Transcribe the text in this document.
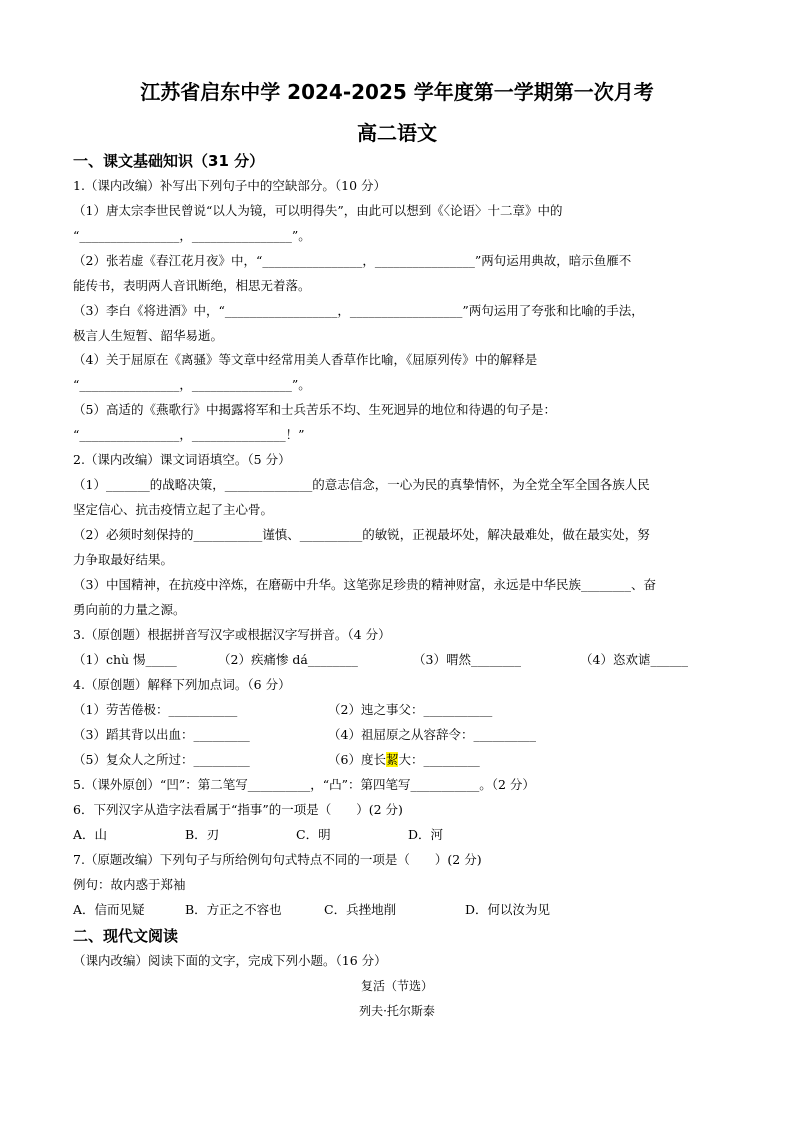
江苏省启东中学 2024-2025 学年度第一学期第一次月考
高二语文
一、课文基础知识（31 分）
1.（课内改编）补写出下列句子中的空缺部分。（10 分）
（1）唐太宗李世民曾说“以人为镜，可以明得失”，由此可以想到《〈论语〉十二章》中的
“________________，________________”。
（2）张若虚《春江花月夜》中，“________________，________________”两句运用典故，暗示鱼雁不
能传书，表明两人音讯断绝，相思无着落。
（3）李白《将进酒》中，“__________________，__________________”两句运用了夸张和比喻的手法，
极言人生短暂、韶华易逝。
（4）关于屈原在《离骚》等文章中经常用美人香草作比喻，《屈原列传》中的解释是
“________________，________________”。
（5）高适的《燕歌行》中揭露将军和士兵苦乐不均、生死迥异的地位和待遇的句子是：
“________________，_______________！”
2.（课内改编）课文词语填空。（5 分）
（1）_______的战略决策，______________的意志信念，一心为民的真挚情怀，为全党全军全国各族人民
坚定信心、抗击疫情立起了主心骨。
（2）必须时刻保持的___________谨慎、__________的敏锐，正视最坏处，解决最难处，做在最实处，努
力争取最好结果。
（3）中国精神，在抗疫中淬炼，在磨砺中升华。这笔弥足珍贵的精神财富，永远是中华民族________、奋
勇向前的力量之源。
3.（原创题）根据拼音写汉字或根据汉字写拼音。（4 分）
（1）chù 惕_____	（2）疾痛惨 dá________	（3）喟然________	（4）恣欢谑______
4.（原创题）解释下列加点词。（6 分）
（1）劳苦倦极：___________	（2）迍之事父：___________
（3）蹈其背以出血：_________	（4）祖屈原之从容辞令：__________
（5）复众人之所过：_________	（6）度长絜大：_________
5.（课外原创）“凹”：第二笔写__________，“凸”：第四笔写___________。（2 分）
6．下列汉字从造字法看属于“指事”的一项是（　　）(2 分)
A．山	B．刃	C．明	D．河
7.（原题改编）下列句子与所给例句句式特点不同的一项是（　　）(2 分)
例句：故内惑于郑袖
A．信而见疑	B．方正之不容也	C．兵挫地削	D．何以汝为见
二、现代文阅读
（课内改编）阅读下面的文字，完成下列小题。（16 分）
复活（节选）
列夫·托尔斯泰
